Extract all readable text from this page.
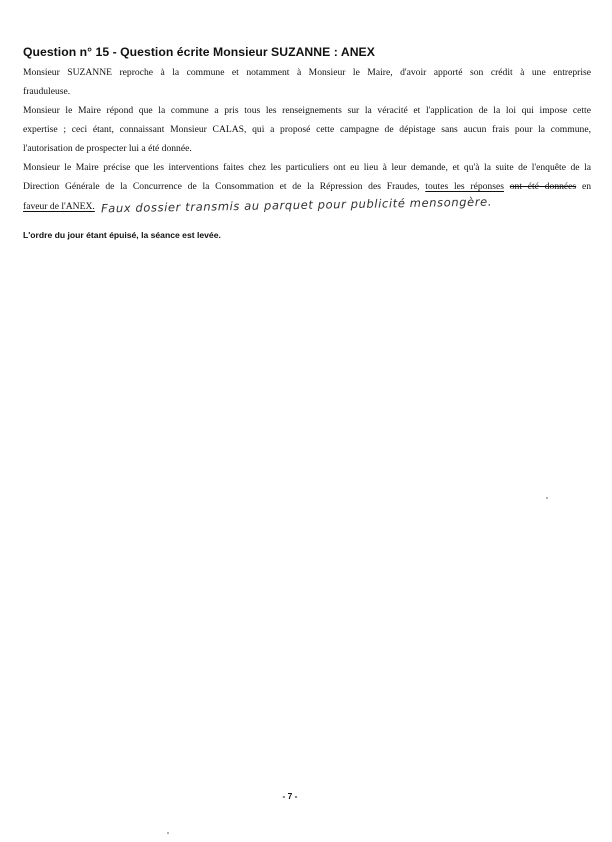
Question n° 15 - Question écrite Monsieur SUZANNE : ANEX
Monsieur SUZANNE reproche à la commune et notamment à Monsieur le Maire, d'avoir apporté son crédit à une entreprise
frauduleuse.
Monsieur le Maire répond que la commune a pris tous les renseignements sur la véracité et l'application de la loi qui impose cette
expertise ; ceci étant, connaissant Monsieur CALAS, qui a proposé cette campagne de dépistage sans aucun frais pour la commune,
l'autorisation de prospecter lui a été donnée.
Monsieur le Maire précise que les interventions faites chez les particuliers ont eu lieu à leur demande, et qu'à la suite de l'enquête de la
Direction Générale de la Concurrence de la Consommation et de la Répression des Fraudes, toutes les réponses ont été données en
faveur de l'ANEX. Faux dossier transmis au parquet pour publicité mensongère.
L'ordre du jour étant épuisé, la séance est levée.
- 7 -
